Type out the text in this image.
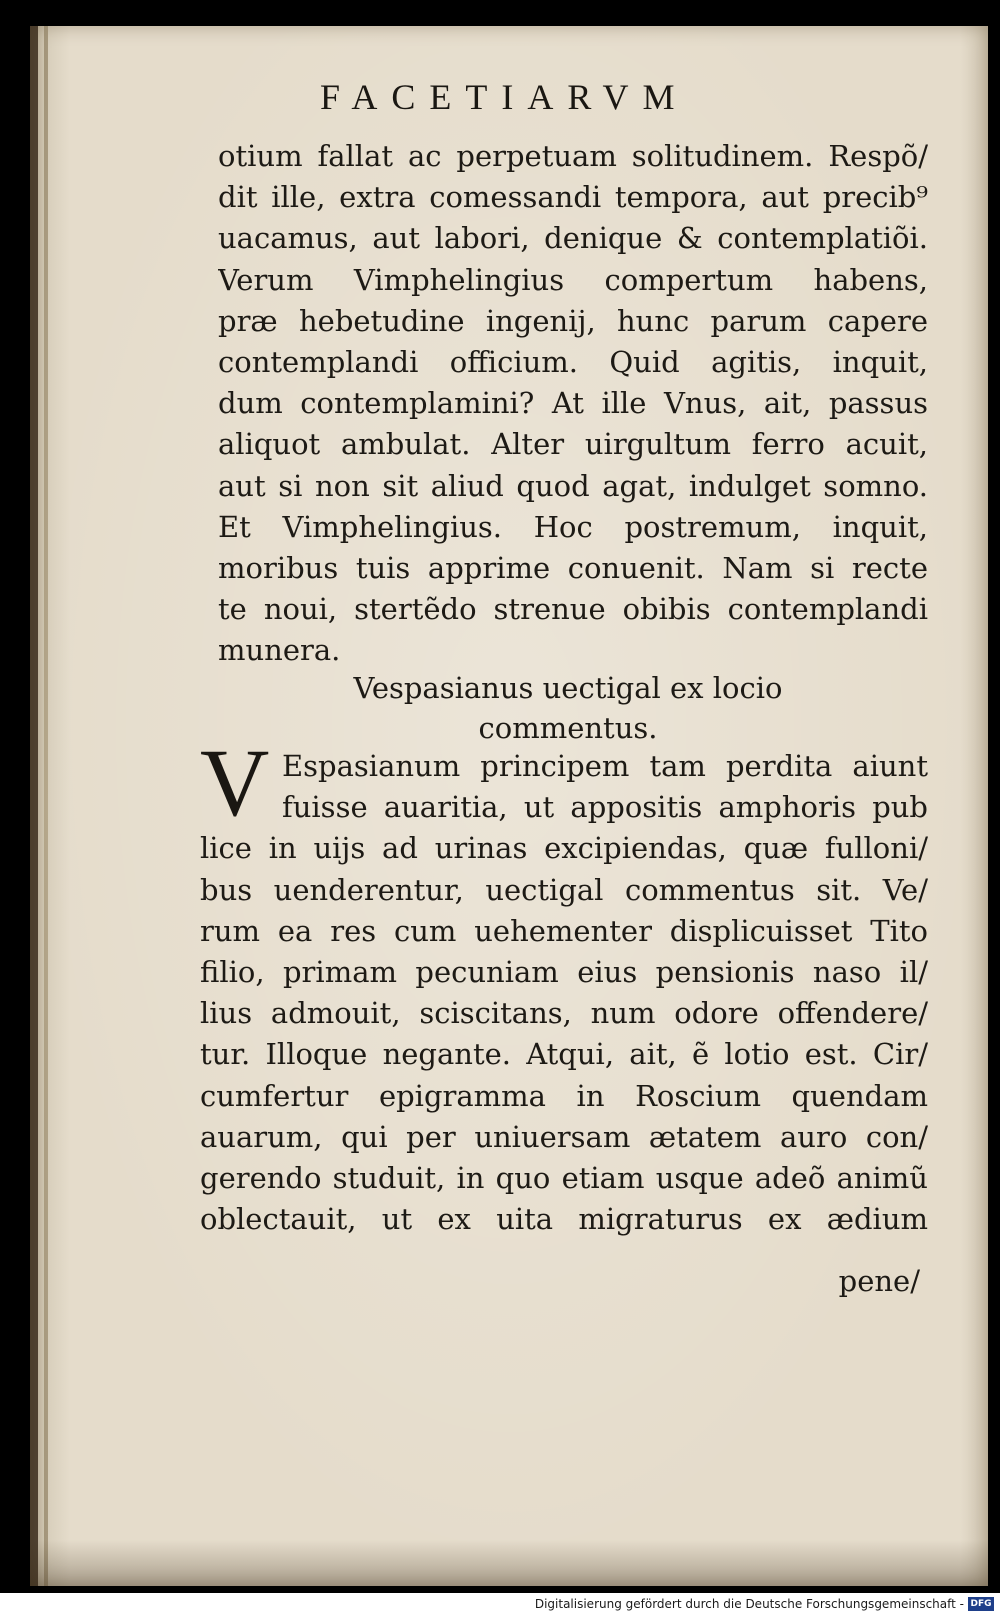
FACETIARVM
otium fallat ac perpetuam solitudinem. Respõ/
dit ille, extra comessandi tempora, aut precib⁹
uacamus, aut labori, denique & contemplatiõi.
Verum Vimphelingius compertum habens,
præ hebetudine ingenij, hunc parum capere
contemplandi officium. Quid agitis, inquit,
dum contemplamini? At ille Vnus, ait, passus
aliquot ambulat. Alter uirgultum ferro acuit,
aut si non sit aliud quod agat, indulget somno.
Et Vimphelingius. Hoc postremum, inquit,
moribus tuis apprime conuenit. Nam si recte
te noui, stertẽdo strenue obibis contemplandi
munera.
Vespasianus uectigal ex locio
commentus.
V Espasianum principem tam perdita aiunt
fuisse auaritia, ut appositis amphoris pub
lice in uijs ad urinas excipiendas, quæ fulloni/
bus uenderentur, uectigal commentus sit. Ve/
rum ea res cum uehementer displicuisset Tito
filio, primam pecuniam eius pensionis naso il/
lius admouit, sciscitans, num odore offendere/
tur. Illoque negante. Atqui, ait, ẽ lotio est. Cir/
cumfertur epigramma in Roscium quendam
auarum, qui per uniuersam ætatem auro con/
gerendo studuit, in quo etiam usque adeõ animũ
oblectauit, ut ex uita migraturus ex ædium
pene/
Digitalisierung gefördert durch die Deutsche Forschungsgemeinschaft - DFG
